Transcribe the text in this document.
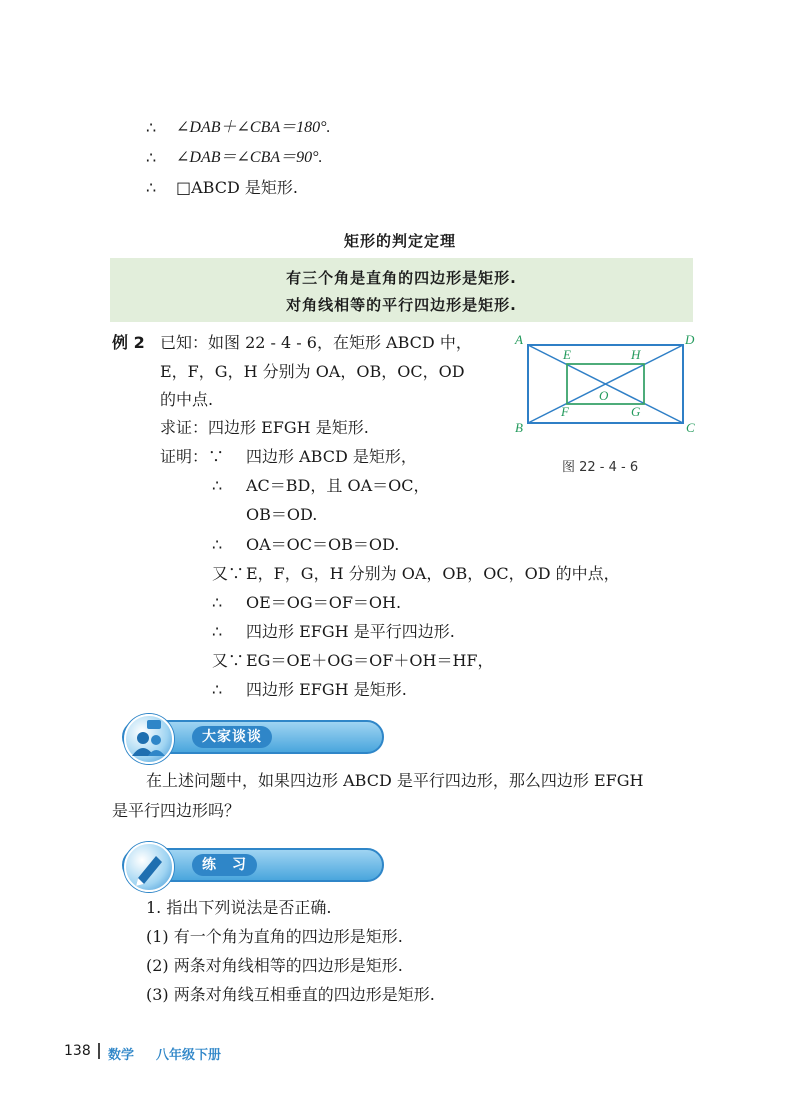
∴ ∠DAB＋∠CBA＝180°.
∴ ∠DAB＝∠CBA＝90°.
∴ □ABCD 是矩形.
矩形的判定定理
有三个角是直角的四边形是矩形.
对角线相等的平行四边形是矩形.
例 2 已知：如图 22 - 4 - 6，在矩形 ABCD 中，
E，F，G，H 分别为 OA，OB，OC，OD
的中点.
求证：四边形 EFGH 是矩形.
证明：∵ 四边形 ABCD 是矩形，
∴ AC＝BD，且 OA＝OC，
OB＝OD.
∴ OA＝OC＝OB＝OD.
又∵ E，F，G，H 分别为 OA，OB，OC，OD 的中点，
∴ OE＝OG＝OF＝OH.
∴ 四边形 EFGH 是平行四边形.
又∵ EG＝OE＋OG＝OF＋OH＝HF，
∴ 四边形 EFGH 是矩形.
A
B	C
D
E
F	G
H
O
图 22 - 4 - 6
大家谈谈
在上述问题中，如果四边形 ABCD 是平行四边形，那么四边形 EFGH
是平行四边形吗？
练　习
1. 指出下列说法是否正确.
(1) 有一个角为直角的四边形是矩形.
(2) 两条对角线相等的四边形是矩形.
(3) 两条对角线互相垂直的四边形是矩形.
138 数学 八年级下册
